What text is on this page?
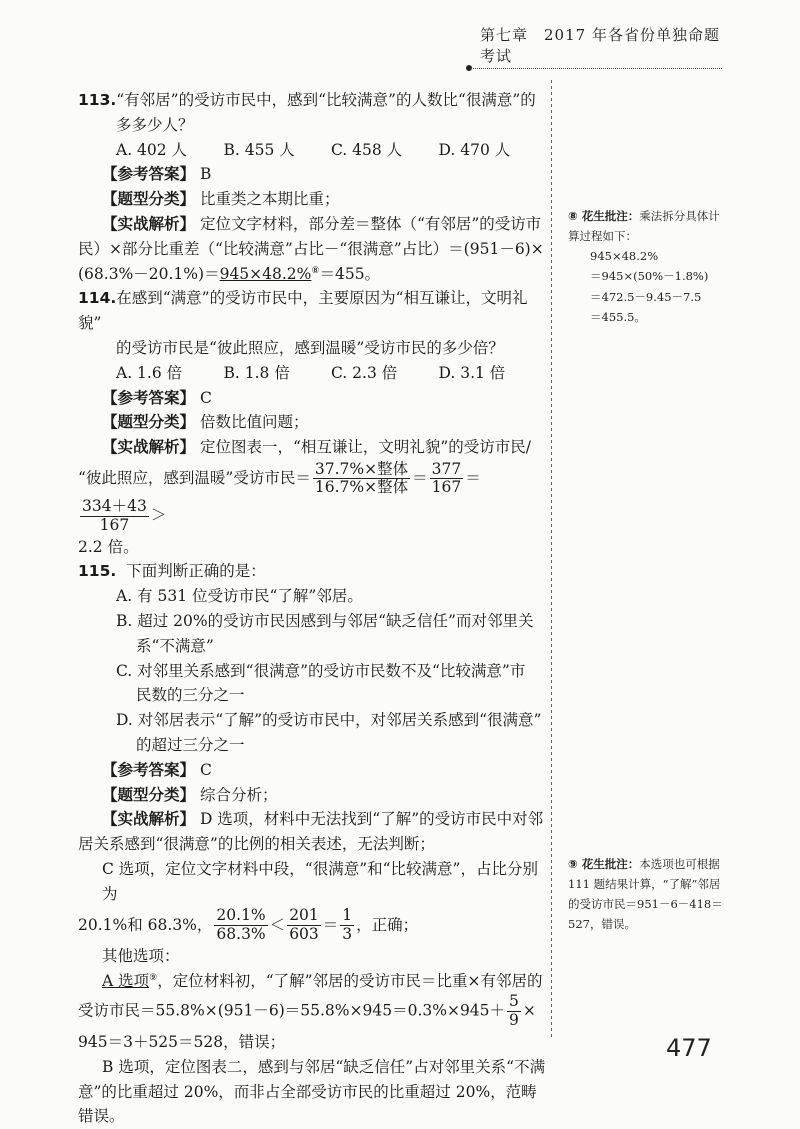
第七章　2017 年各省份单独命题考试
113.“有邻居”的受访市民中，感到“比较满意”的人数比“很满意”的
多多少人？
A. 402 人	B. 455 人	C. 458 人	D. 470 人
【参考答案】 B
【题型分类】 比重类之本期比重；
【实战解析】 定位文字材料，部分差＝整体（“有邻居”的受访市
民）×部分比重差（“比较满意”占比－“很满意”占比）＝(951－6)×
(68.3%－20.1%)＝945×48.2%⑧＝455。
114.在感到“满意”的受访市民中，主要原因为“相互谦让，文明礼貌”
的受访市民是“彼此照应，感到温暖”受访市民的多少倍？
A. 1.6 倍	B. 1.8 倍	C. 2.3 倍	D. 3.1 倍
【参考答案】 C
【题型分类】 倍数比值问题；
【实战解析】 定位图表一，“相互谦让，文明礼貌”的受访市民/
“彼此照应，感到温暖”受访市民＝ $\frac{\text{37.7\%×整体}}{\text{16.7\%×整体}} = \frac{377}{167}$ ＝
$\frac{334+43}{167}$ ＞
2.2 倍。
115. 下面判断正确的是：
A. 有 531 位受访市民“了解”邻居。
B. 超过 20%的受访市民因感到与邻居“缺乏信任”而对邻里关
系“不满意”
C. 对邻里关系感到“很满意”的受访市民数不及“比较满意”市
民数的三分之一
D. 对邻居表示“了解”的受访市民中，对邻居关系感到“很满意”
的超过三分之一
【参考答案】 C
【题型分类】 综合分析；
【实战解析】 D 选项，材料中无法找到“了解”的受访市民中对邻
居关系感到“很满意”的比例的相关表述，无法判断；
C 选项，定位文字材料中段，“很满意”和“比较满意”，占比分别为
20.1%和 68.3%， $\frac{20.1\%}{68.3\%} < \frac{201}{603} = \frac{1}{3}$ ，正确；
其他选项：
A 选项⑨，定位材料初，“了解”邻居的受访市民＝比重×有邻居的
受访市民$=55.8\%\times(951-6)=55.8\%\times 945=0.3\%\times 945+ \frac{5}{9}$ ×
945＝3＋525＝528，错误；
B 选项，定位图表二，感到与邻居“缺乏信任”占对邻里关系“不满
意”的比重超过 20%，而非占全部受访市民的比重超过 20%，范畴
错误。
⑧ 花生批注：乘法拆分具体计算过程如下：
945×48.2%
＝945×(50%－1.8%)
＝472.5－9.45－7.5
＝455.5。
⑨ 花生批注：本选项也可根据 111 题结果计算，“了解”邻居的受访市民＝951－6－418＝527，错误。
477
